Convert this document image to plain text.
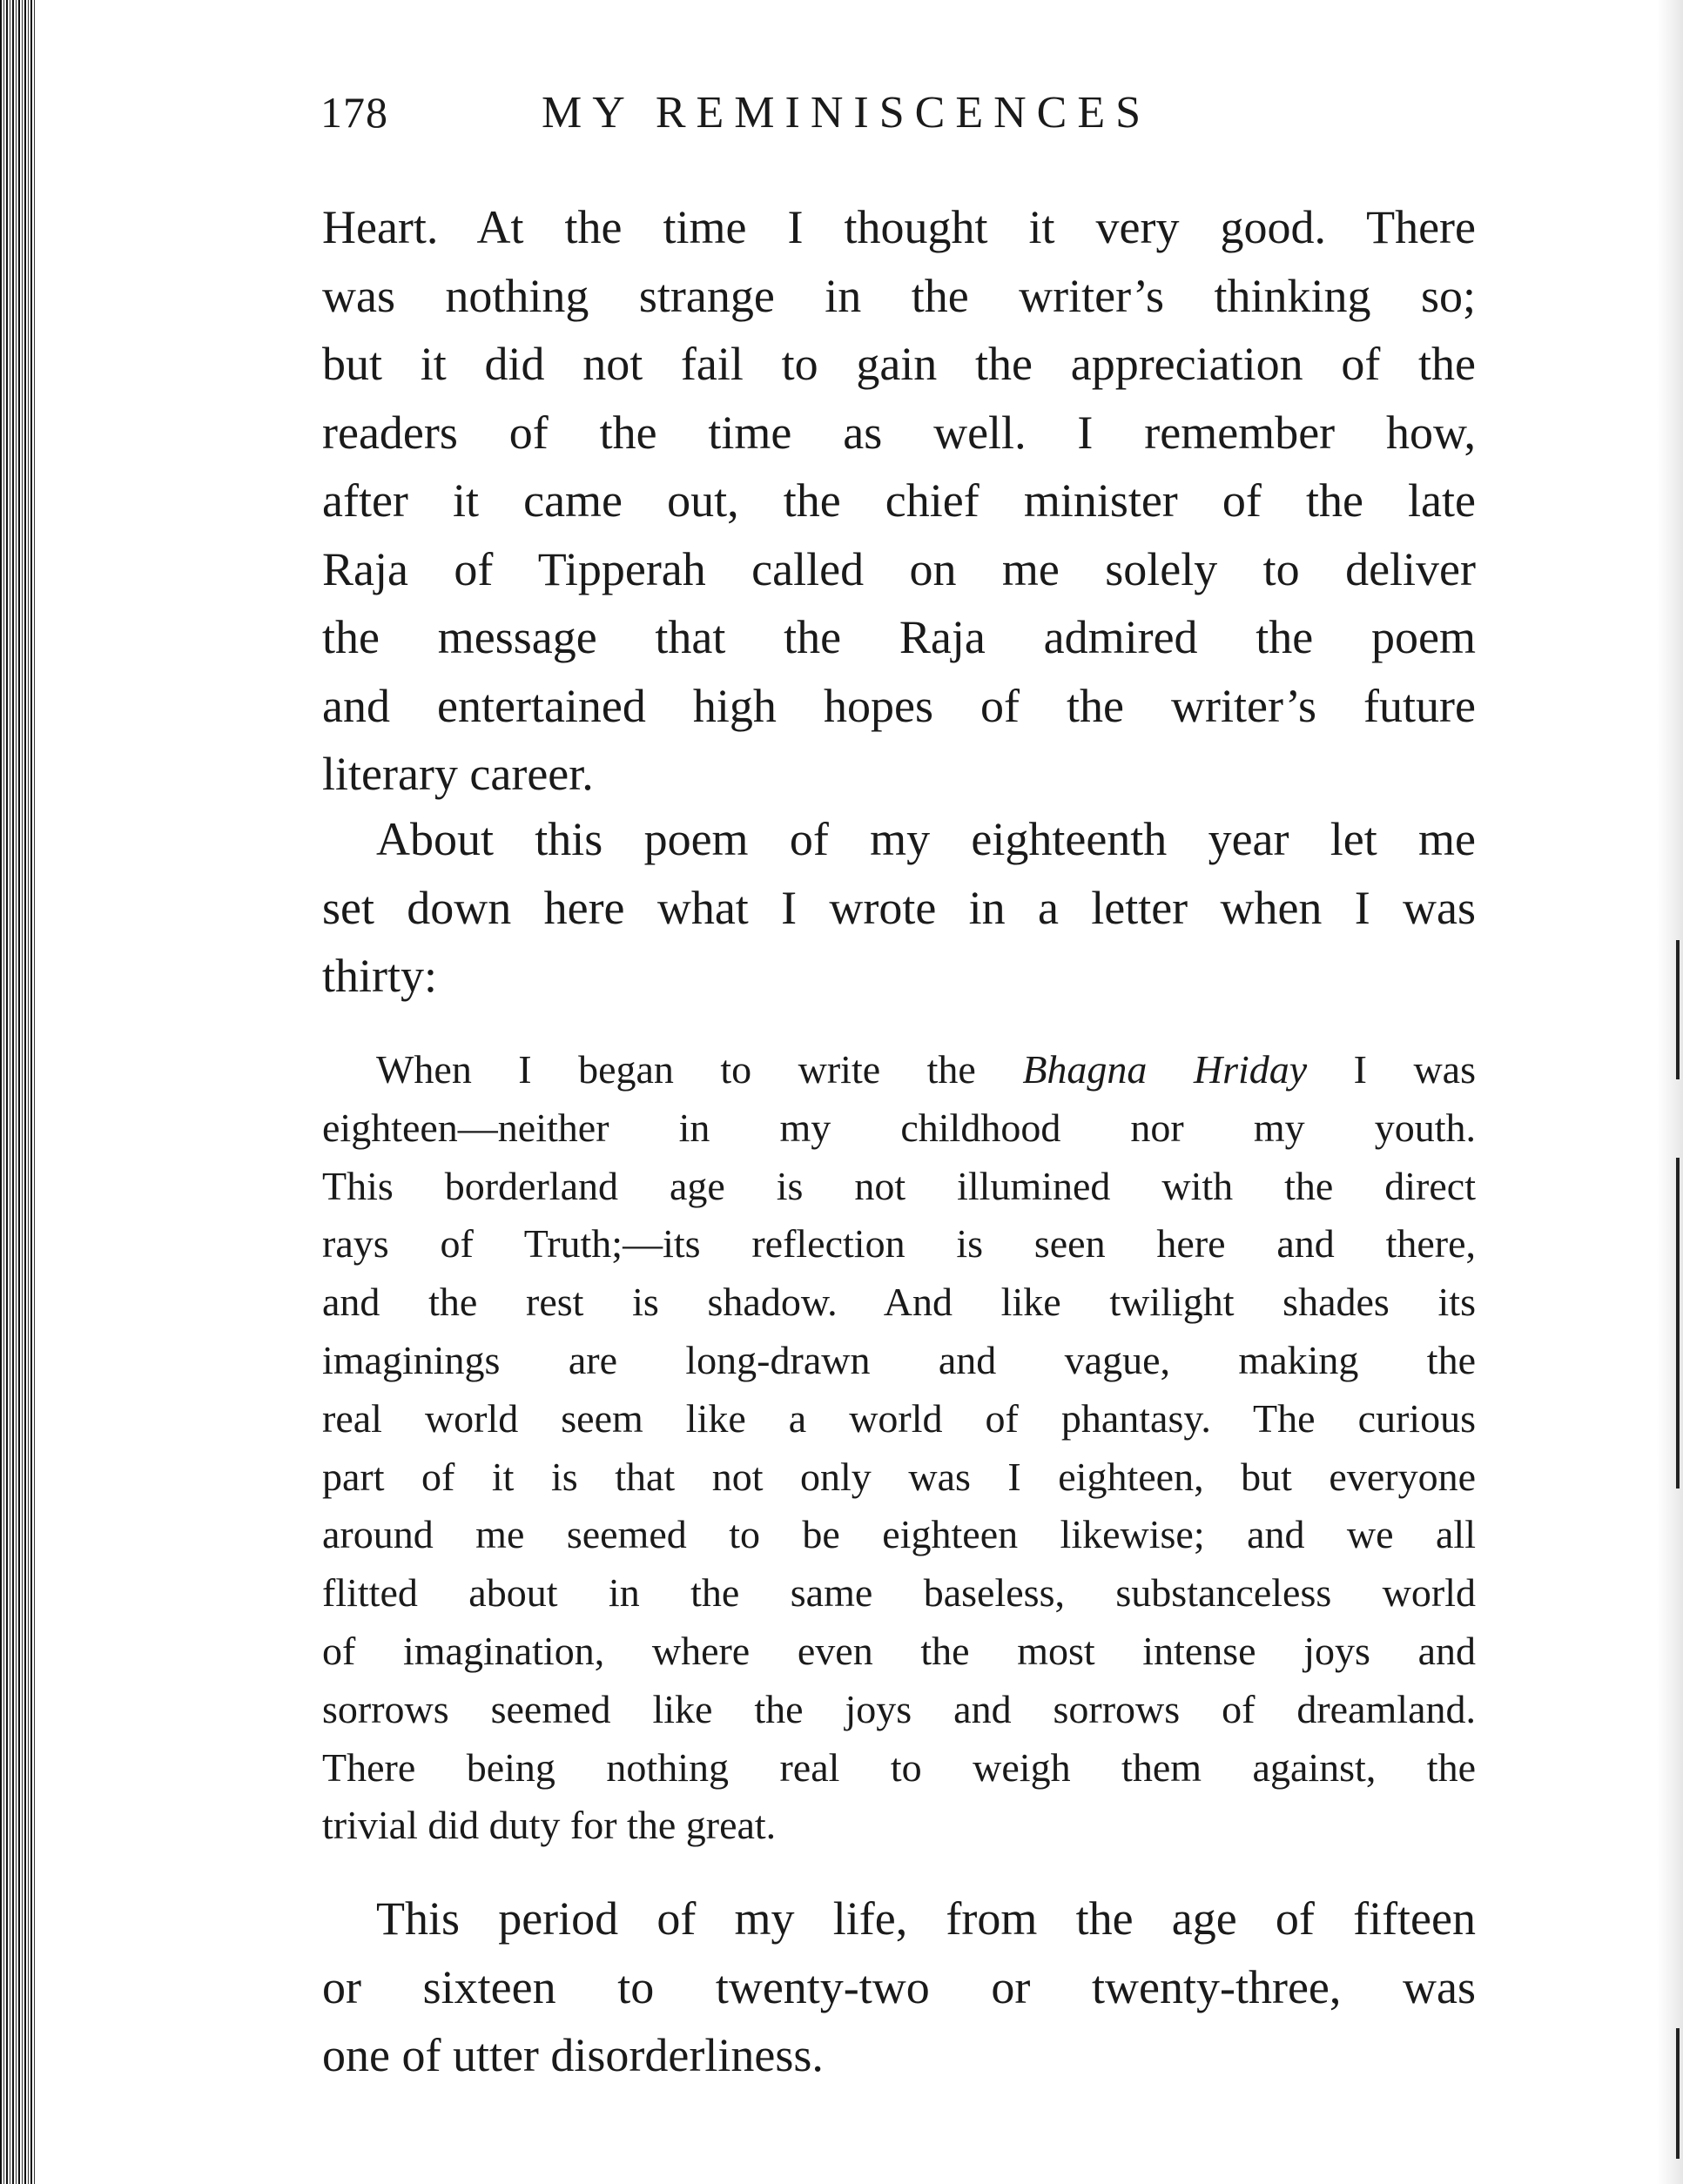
178	MY REMINISCENCES
Heart. At the time I thought it very good. There
was nothing strange in the writer’s thinking so;
but it did not fail to gain the appreciation of the
readers of the time as well. I remember how,
after it came out, the chief minister of the late
Raja of Tipperah called on me solely to deliver
the message that the Raja admired the poem
and entertained high hopes of the writer’s future
literary career.
About this poem of my eighteenth year let me
set down here what I wrote in a letter when I was
thirty:
When I began to write the Bhagna Hriday I was
eighteen—neither in my childhood nor my youth.
This borderland age is not illumined with the direct
rays of Truth;—its reflection is seen here and there,
and the rest is shadow. And like twilight shades its
imaginings are long-drawn and vague, making the
real world seem like a world of phantasy. The curious
part of it is that not only was I eighteen, but everyone
around me seemed to be eighteen likewise; and we all
flitted about in the same baseless, substanceless world
of imagination, where even the most intense joys and
sorrows seemed like the joys and sorrows of dreamland.
There being nothing real to weigh them against, the
trivial did duty for the great.
This period of my life, from the age of fifteen
or sixteen to twenty-two or twenty-three, was
one of utter disorderliness.
